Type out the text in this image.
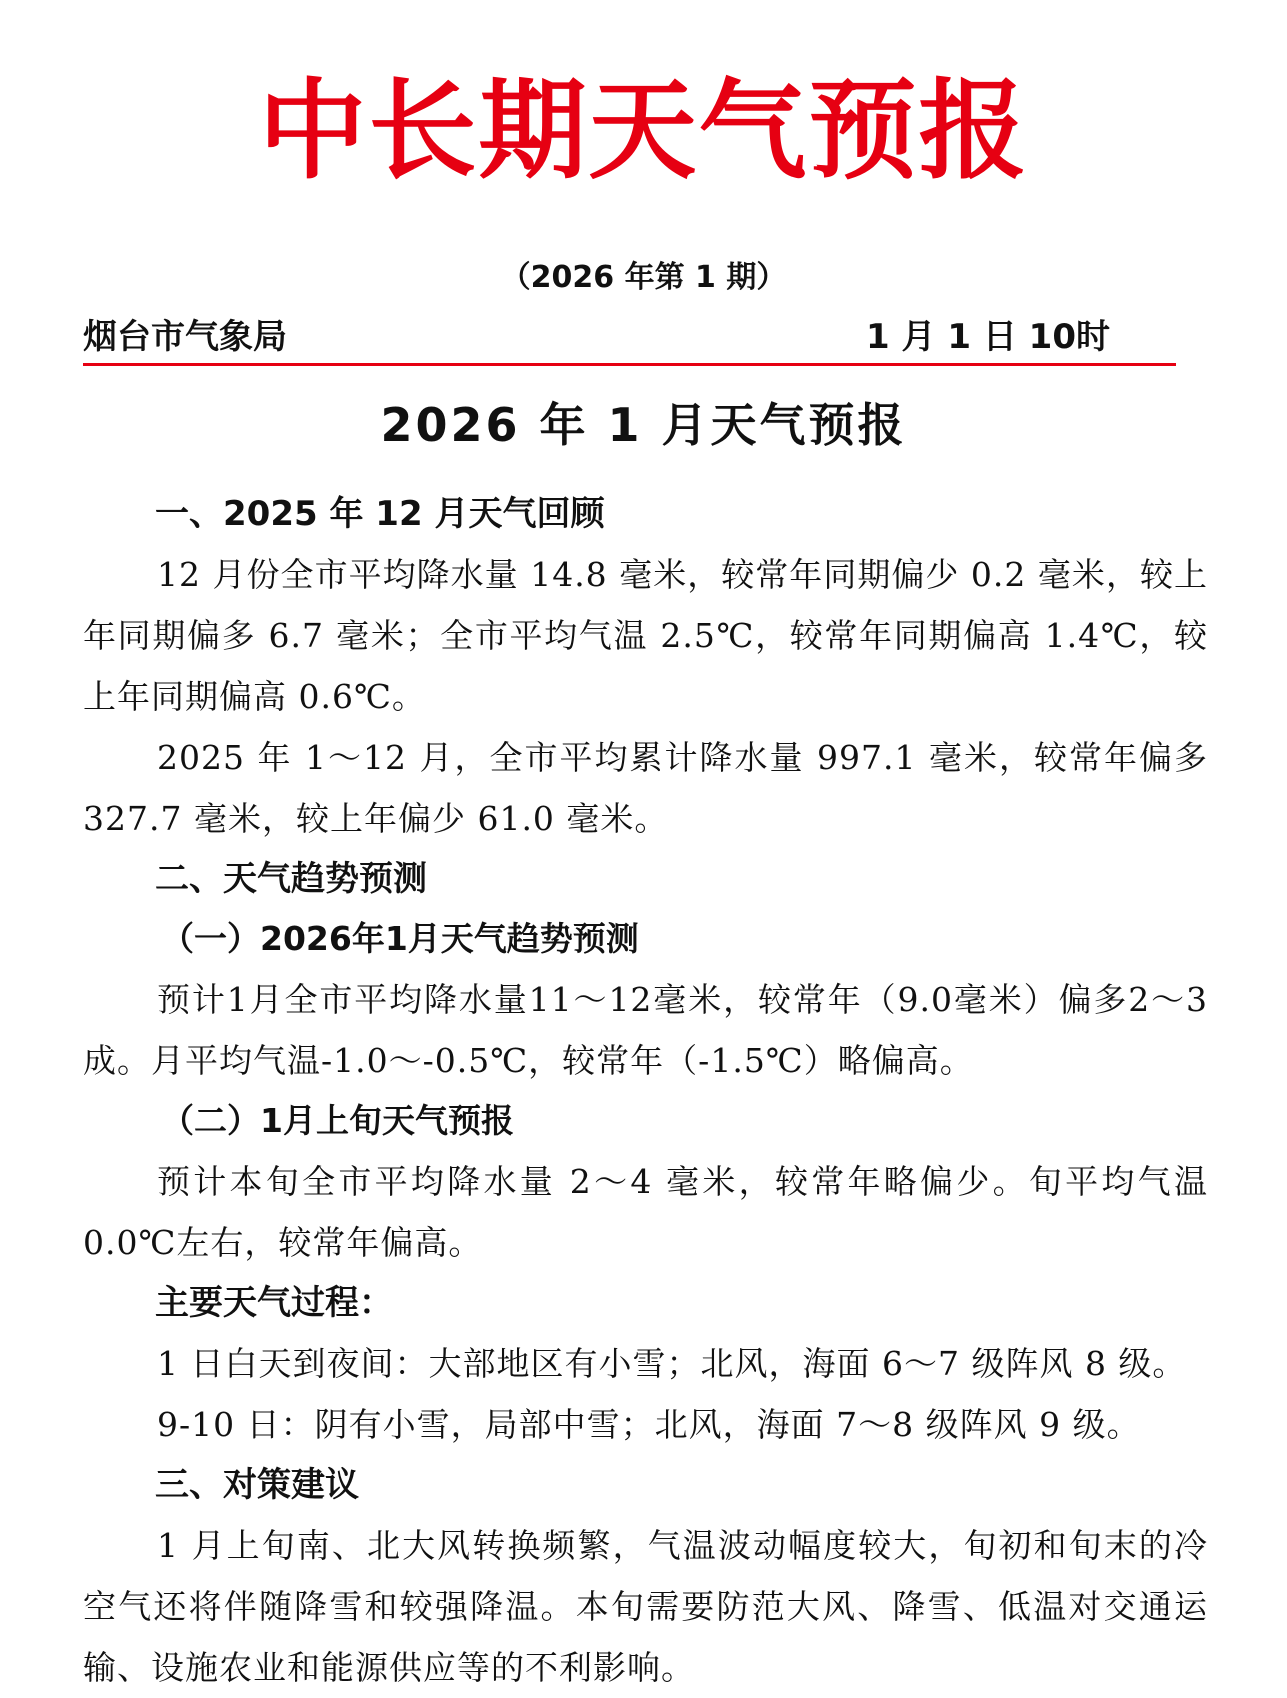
中长期天气预报
（2026 年第 1 期）
烟台市气象局	1 月 1 日 10时
2026 年 1 月天气预报

一、2025 年 12 月天气回顾

12 月份全市平均降水量 14.8 毫米，较常年同期偏少 0.2 毫米，较上年同期偏多 6.7 毫米；全市平均气温 2.5℃，较常年同期偏高 1.4℃，较上年同期偏高 0.6℃。

2025 年 1～12 月，全市平均累计降水量 997.1 毫米，较常年偏多 327.7 毫米，较上年偏少 61.0 毫米。

二、天气趋势预测

（一）2026年1月天气趋势预测

预计1月全市平均降水量11～12毫米，较常年（9.0毫米）偏多2～3成。月平均气温-1.0～-0.5℃，较常年（-1.5℃）略偏高。

（二）1月上旬天气预报

预计本旬全市平均降水量 2～4 毫米，较常年略偏少。旬平均气温 0.0℃左右，较常年偏高。

主要天气过程：

1 日白天到夜间：大部地区有小雪；北风，海面 6～7 级阵风 8 级。

9-10 日：阴有小雪，局部中雪；北风，海面 7～8 级阵风 9 级。

三、对策建议

1 月上旬南、北大风转换频繁，气温波动幅度较大，旬初和旬末的冷空气还将伴随降雪和较强降温。本旬需要防范大风、降雪、低温对交通运输、设施农业和能源供应等的不利影响。
